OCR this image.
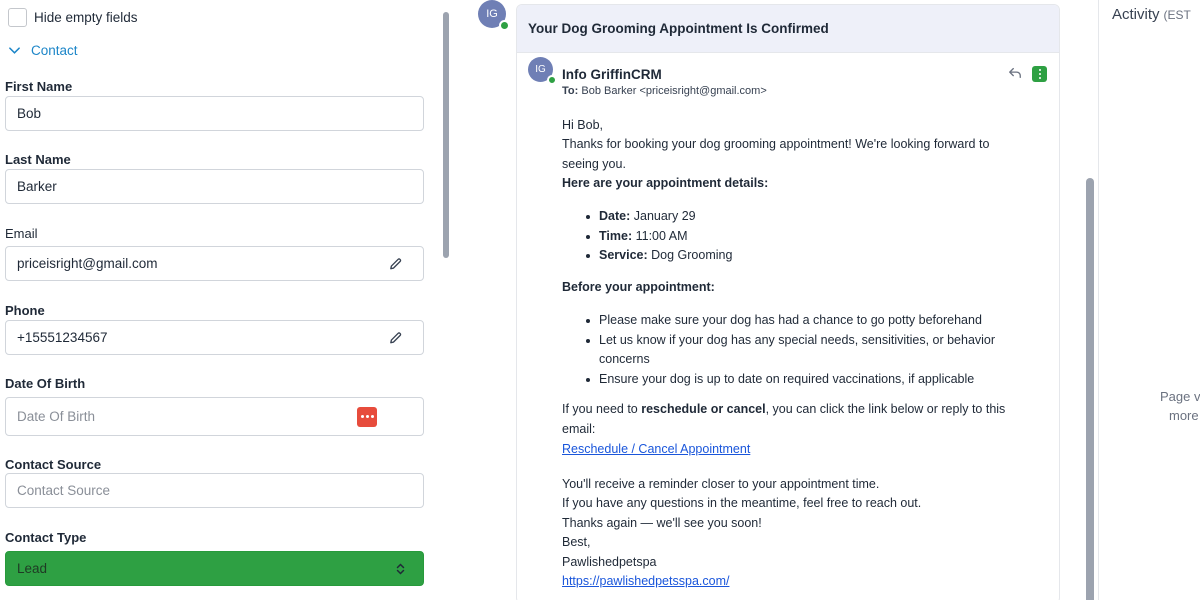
Hide empty fields
Contact
First Name
Bob
Last Name
Barker
Email
priceisright@gmail.com
Phone
+15551234567
Date Of Birth
Date Of Birth
Contact Source
Contact Source
Contact Type
Lead
IG
Your Dog Grooming Appointment Is Confirmed
IG Info GriffinCRM
To: Bob Barker <priceisright@gmail.com>
Hi Bob,
Thanks for booking your dog grooming appointment! We're looking forward to
seeing you.
Here are your appointment details:
Date: January 29
Time: 11:00 AM
Service: Dog Grooming
Before your appointment:
Please make sure your dog has had a chance to go potty beforehand
Let us know if your dog has any special needs, sensitivities, or behavior
concerns
Ensure your dog is up to date on required vaccinations, if applicable
If you need to reschedule or cancel, you can click the link below or reply to this
email:
Reschedule / Cancel Appointment
You'll receive a reminder closer to your appointment time.
If you have any questions in the meantime, feel free to reach out.
Thanks again — we'll see you soon!
Best,
Pawlishedpetspa
https://pawlishedpetsspa.com/
Activity (EST
Page v
more
